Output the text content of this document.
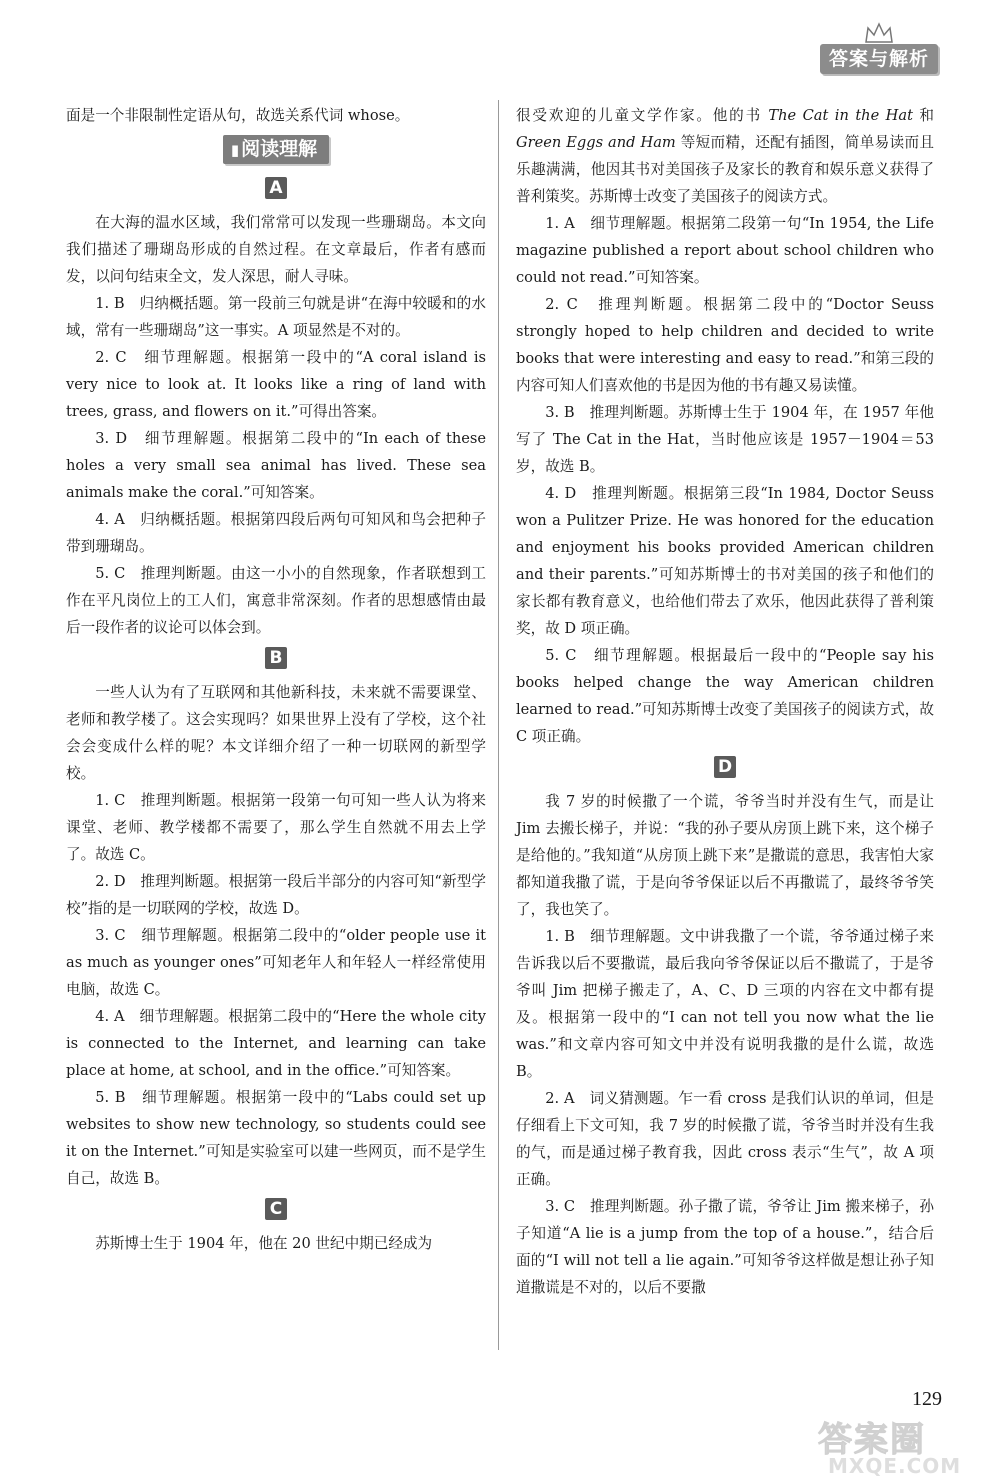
答案与解析

面是一个非限制性定语从句，故选关系代词 whose。

▮ 阅读理解
A

在大海的温水区域，我们常常可以发现一些珊瑚岛。本文向我们描述了珊瑚岛形成的自然过程。在文章最后，作者有感而发，以问句结束全文，发人深思，耐人寻味。

1. B　归纳概括题。第一段前三句就是讲“在海中较暖和的水域，常有一些珊瑚岛”这一事实。A 项显然是不对的。

2. C　细节理解题。根据第一段中的“A coral island is very nice to look at. It looks like a ring of land with trees, grass, and flowers on it.”可得出答案。

3. D　细节理解题。根据第二段中的“In each of these holes a very small sea animal has lived. These sea animals make the coral.”可知答案。

4. A　归纳概括题。根据第四段后两句可知风和鸟会把种子带到珊瑚岛。

5. C　推理判断题。由这一小小的自然现象，作者联想到工作在平凡岗位上的工人们，寓意非常深刻。作者的思想感情由最后一段作者的议论可以体会到。

B

一些人认为有了互联网和其他新科技，未来就不需要课堂、老师和教学楼了。这会实现吗？如果世界上没有了学校，这个社会会变成什么样的呢？本文详细介绍了一种一切联网的新型学校。

1. C　推理判断题。根据第一段第一句可知一些人认为将来课堂、老师、教学楼都不需要了，那么学生自然就不用去上学了。故选 C。

2. D　推理判断题。根据第一段后半部分的内容可知“新型学校”指的是一切联网的学校，故选 D。

3. C　细节理解题。根据第二段中的“older people use it as much as younger ones”可知老年人和年轻人一样经常使用电脑，故选 C。

4. A　细节理解题。根据第二段中的“Here the whole city is connected to the Internet, and learning can take place at home, at school, and in the office.”可知答案。

5. B　细节理解题。根据第一段中的“Labs could set up websites to show new technology, so students could see it on the Internet.”可知是实验室可以建一些网页，而不是学生自己，故选 B。

C

苏斯博士生于 1904 年，他在 20 世纪中期已经成为

很受欢迎的儿童文学作家。他的书 The Cat in the Hat 和 Green Eggs and Ham 等短而精，还配有插图，简单易读而且乐趣满满，他因其书对美国孩子及家长的教育和娱乐意义获得了普利策奖。苏斯博士改变了美国孩子的阅读方式。

1. A　细节理解题。根据第二段第一句“In 1954, the Life magazine published a report about school children who could not read.”可知答案。

2. C　推理判断题。根据第二段中的“Doctor Seuss strongly hoped to help children and decided to write books that were interesting and easy to read.”和第三段的内容可知人们喜欢他的书是因为他的书有趣又易读懂。

3. B　推理判断题。苏斯博士生于 1904 年，在 1957 年他写了 The Cat in the Hat，当时他应该是 1957－1904＝53 岁，故选 B。

4. D　推理判断题。根据第三段“In 1984, Doctor Seuss won a Pulitzer Prize. He was honored for the education and enjoyment his books provided American children and their parents.”可知苏斯博士的书对美国的孩子和他们的家长都有教育意义，也给他们带去了欢乐，他因此获得了普利策奖，故 D 项正确。

5. C　细节理解题。根据最后一段中的“People say his books helped change the way American children learned to read.”可知苏斯博士改变了美国孩子的阅读方式，故 C 项正确。

D

我 7 岁的时候撒了一个谎，爷爷当时并没有生气，而是让 Jim 去搬长梯子，并说：“我的孙子要从房顶上跳下来，这个梯子是给他的。”我知道“从房顶上跳下来”是撒谎的意思，我害怕大家都知道我撒了谎，于是向爷爷保证以后不再撒谎了，最终爷爷笑了，我也笑了。

1. B　细节理解题。文中讲我撒了一个谎，爷爷通过梯子来告诉我以后不要撒谎，最后我向爷爷保证以后不撒谎了，于是爷爷叫 Jim 把梯子搬走了，A、C、D 三项的内容在文中都有提及。根据第一段中的“I can not tell you now what the lie was.”和文章内容可知文中并没有说明我撒的是什么谎，故选 B。

2. A　词义猜测题。乍一看 cross 是我们认识的单词，但是仔细看上下文可知，我 7 岁的时候撒了谎，爷爷当时并没有生我的气，而是通过梯子教育我，因此 cross 表示“生气”，故 A 项正确。

3. C　推理判断题。孙子撒了谎，爷爷让 Jim 搬来梯子，孙子知道“A lie is a jump from the top of a house.”，结合后面的“I will not tell a lie again.”可知爷爷这样做是想让孙子知道撒谎是不对的，以后不要撒

129
答案圈
MXQE.COM
